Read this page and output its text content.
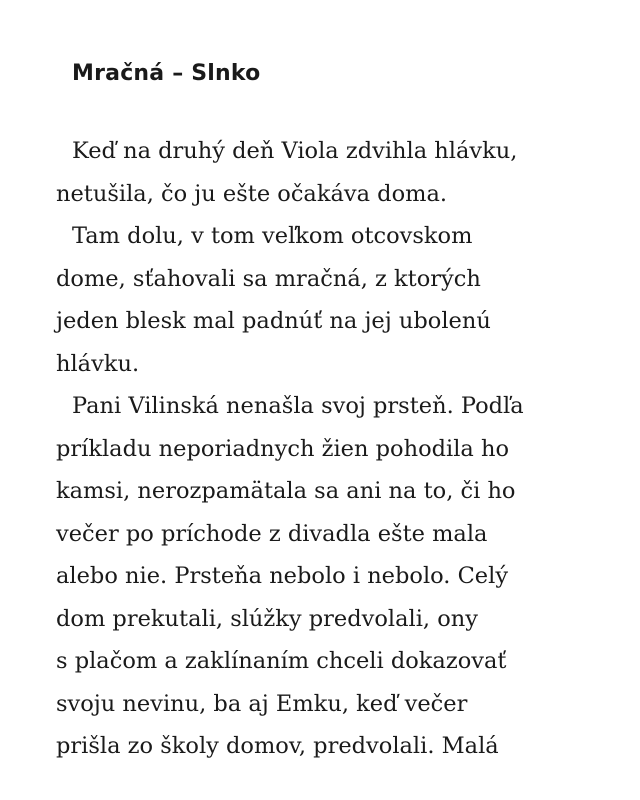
Mračná – Slnko
Keď na druhý deň Viola zdvihla hlávku,
netušila, čo ju ešte očakáva doma.
Tam dolu, v tom veľkom otcovskom
dome, sťahovali sa mračná, z ktorých
jeden blesk mal padnúť na jej ubolenú
hlávku.
Pani Vilinská nenašla svoj prsteň. Podľa
príkladu neporiadnych žien pohodila ho
kamsi, nerozpamätala sa ani na to, či ho
večer po príchode z divadla ešte mala
alebo nie. Prsteňa nebolo i nebolo. Celý
dom prekutali, slúžky predvolali, ony
s plačom a zaklínaním chceli dokazovať
svoju nevinu, ba aj Emku, keď večer
prišla zo školy domov, predvolali. Malá
